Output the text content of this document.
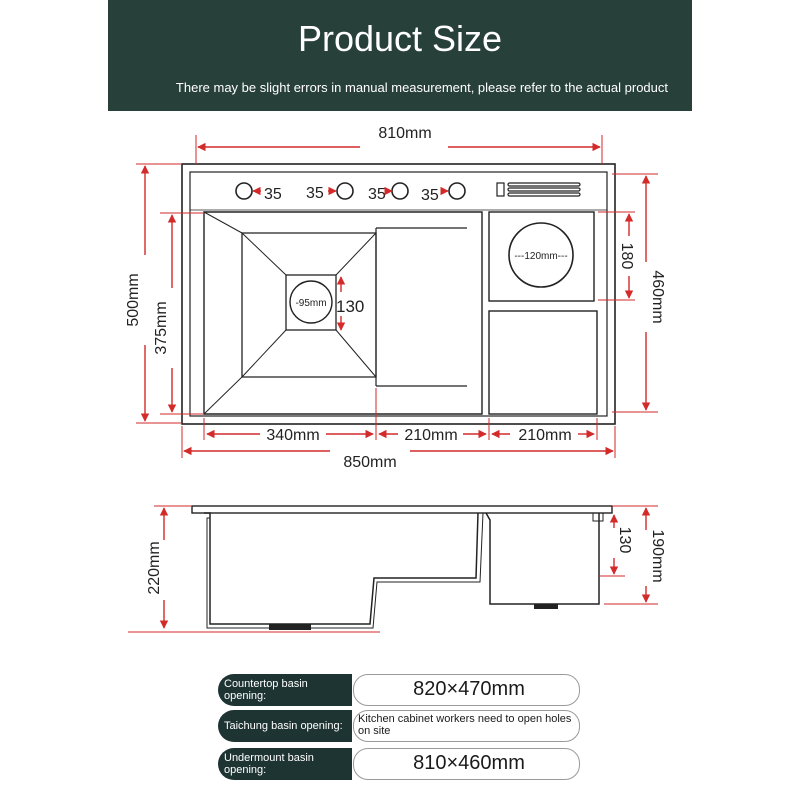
Product Size
There may be slight errors in manual measurement, please refer to the actual product
35 35	35 35
-95mm 130
---120mm---	180
460mm
810mm
500mm
375mm
340mm	210mm	210mm
850mm
220mm
130 190mm
Countertop basin opening:	820×470mm
Taichung basin opening:
Kitchen cabinet workers need to open holes on site
Undermount basin opening:	810×460mm
